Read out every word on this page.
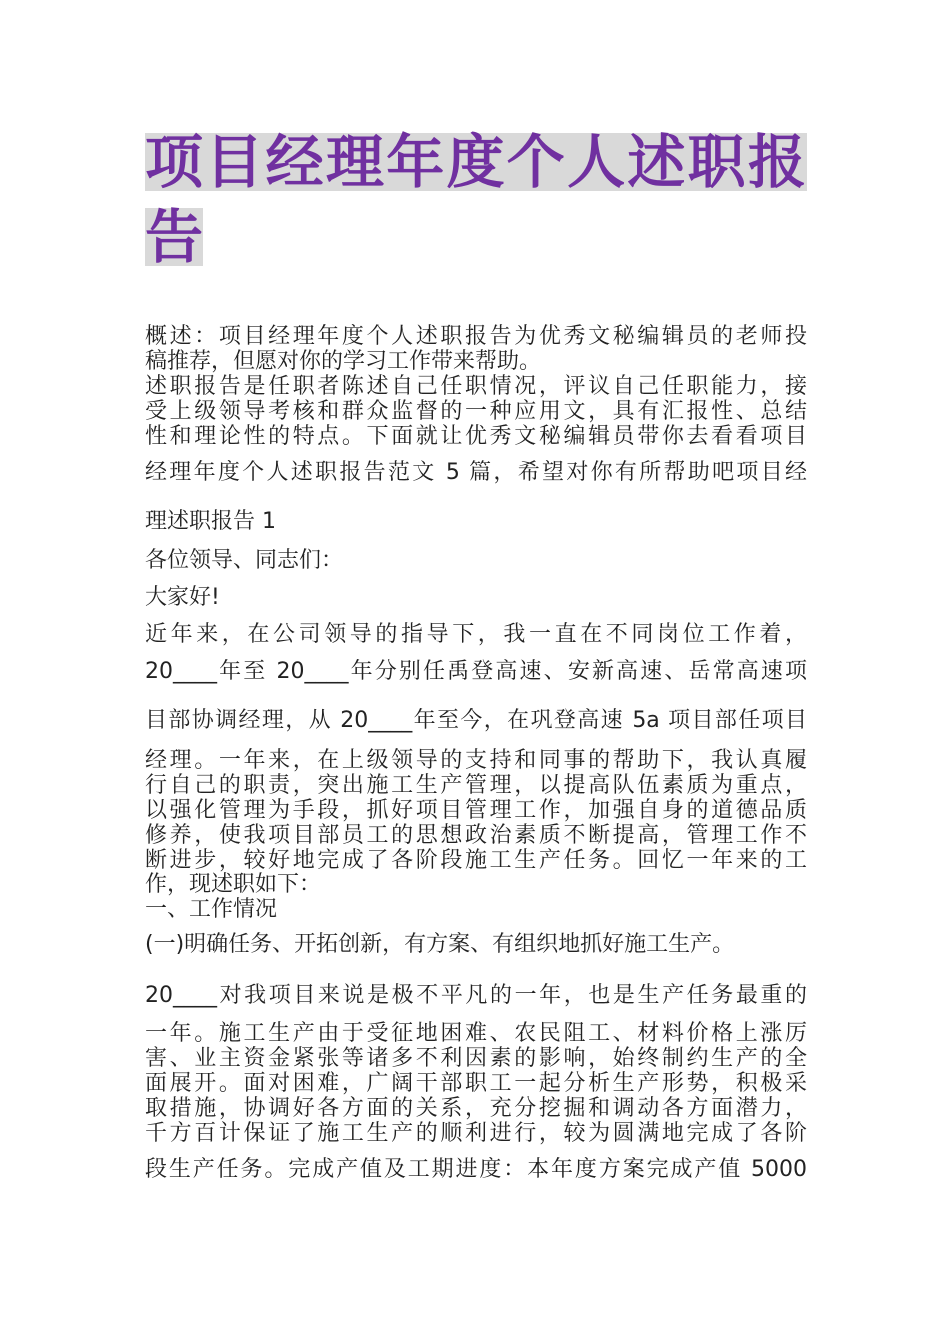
项目经理年度个人述职报
告
概述：项目经理年度个人述职报告为优秀文秘编辑员的老师投
稿推荐，但愿对你的学习工作带来帮助。
述职报告是任职者陈述自己任职情况，评议自己任职能力，接
受上级领导考核和群众监督的一种应用文，具有汇报性、总结
性和理论性的特点。下面就让优秀文秘编辑员带你去看看项目
经理年度个人述职报告范文 5 篇，希望对你有所帮助吧项目经
理述职报告 1
各位领导、同志们：
大家好!
近年来，在公司领导的指导下，我一直在不同岗位工作着，
20____年至 20____年分别任禹登高速、安新高速、岳常高速项
目部协调经理，从 20____年至今，在巩登高速 5a 项目部任项目
经理。一年来，在上级领导的支持和同事的帮助下，我认真履
行自己的职责，突出施工生产管理，以提高队伍素质为重点，
以强化管理为手段，抓好项目管理工作，加强自身的道德品质
修养，使我项目部员工的思想政治素质不断提高，管理工作不
断进步，较好地完成了各阶段施工生产任务。回忆一年来的工
作，现述职如下：
一、工作情况
(一)明确任务、开拓创新，有方案、有组织地抓好施工生产。
20____对我项目来说是极不平凡的一年，也是生产任务最重的
一年。施工生产由于受征地困难、农民阻工、材料价格上涨厉
害、业主资金紧张等诸多不利因素的影响，始终制约生产的全
面展开。面对困难，广阔干部职工一起分析生产形势，积极采
取措施，协调好各方面的关系，充分挖掘和调动各方面潜力，
千方百计保证了施工生产的顺利进行，较为圆满地完成了各阶
段生产任务。完成产值及工期进度：本年度方案完成产值 5000
